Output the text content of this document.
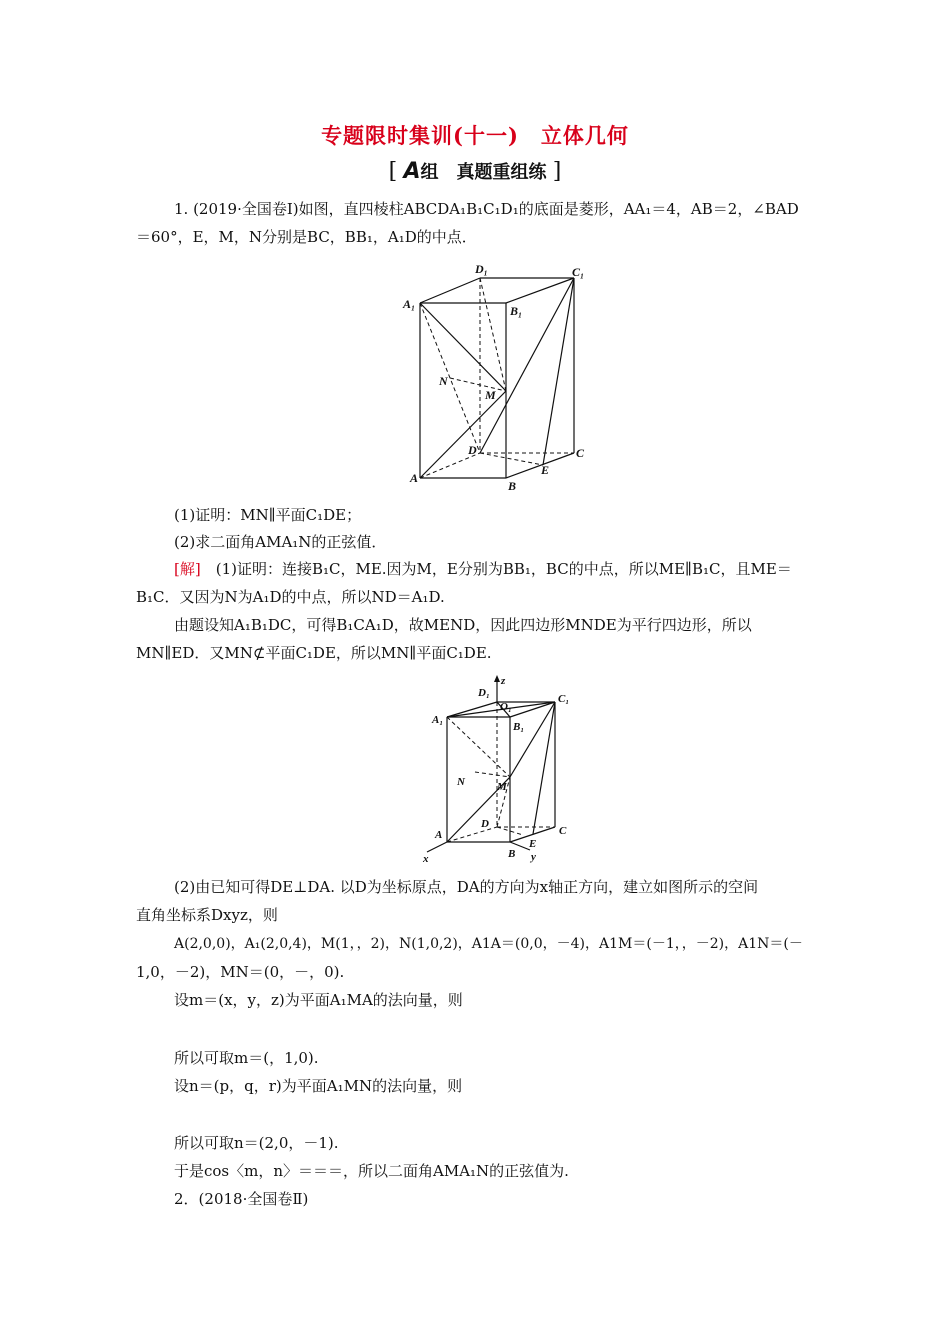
专题限时集训(十一)　立体几何
[ A组　真题重组练 ]
1. (2019·全国卷Ⅰ)如图，直四棱柱ABCDA₁B₁C₁D₁的底面是菱形，AA₁＝4，AB＝2，∠BAD
＝60°，E，M，N分别是BC，BB₁，A₁D的中点．
D₁	C₁
A₁	B₁
N
M
D	C
E
A
B
(1)证明：MN∥平面C₁DE；
(2)求二面角AMA₁N的正弦值．
[解]　(1)证明：连接B₁C，ME.因为M，E分别为BB₁，BC的中点，所以ME∥B₁C，且ME＝
B₁C．又因为N为A₁D的中点，所以ND＝A₁D.
由题设知A₁B₁DC，可得B₁CA₁D，故MEND，因此四边形MNDE为平行四边形，所以
MN∥ED．又MN⊄平面C₁DE，所以MN∥平面C₁DE.
z
D₁
O₁
C₁
A₁
B₁
N	M
D
C
A
E
x	B y
(2)由已知可得DE⊥DA. 以D为坐标原点，DA的方向为x轴正方向，建立如图所示的空间
直角坐标系Dxyz，则
A(2,0,0)，A₁(2,0,4)，M(1，，2)，N(1,0,2)，A1A＝(0,0，－4)，A1M＝(－1，，－2)，A1N＝(－
1,0，－2)，MN＝(0，－，0).
设m＝(x，y，z)为平面A₁MA的法向量，则
所以可取m＝(，1,0).
设n＝(p，q，r)为平面A₁MN的法向量，则
所以可取n＝(2,0，－1).
于是cos〈m，n〉＝＝＝，所以二面角AMA₁N的正弦值为.
2．(2018·全国卷Ⅱ)
